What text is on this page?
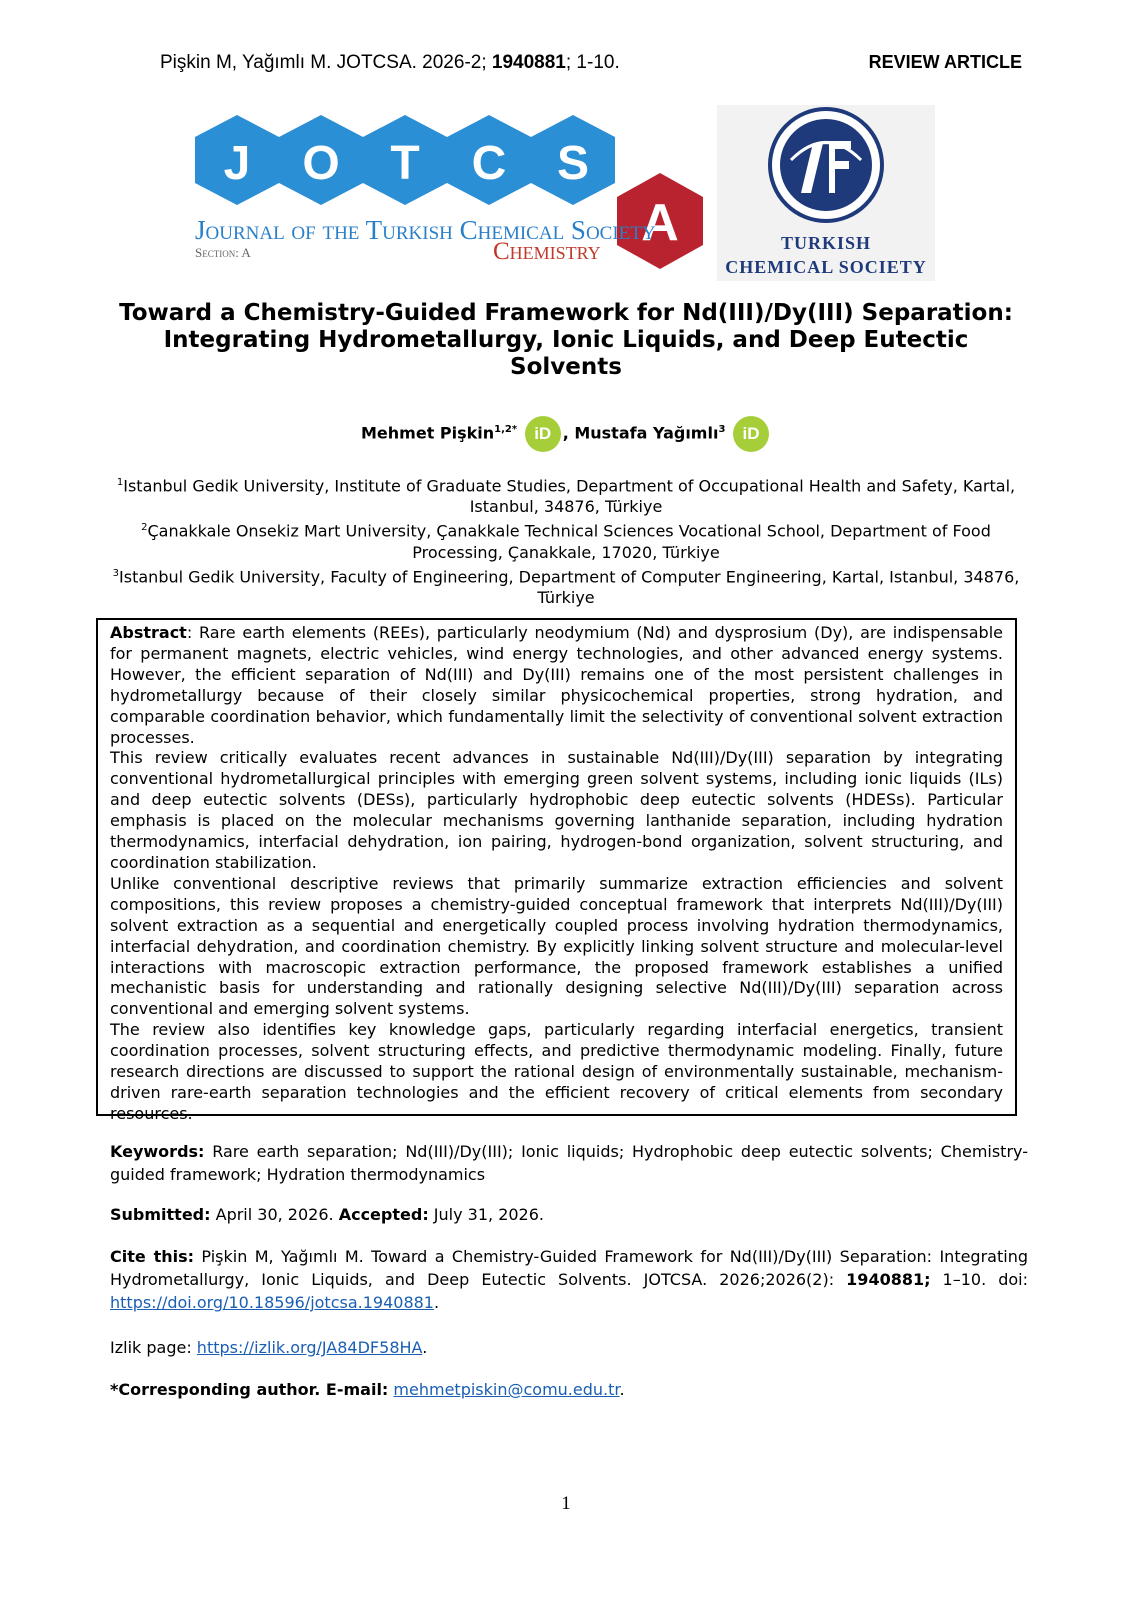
Pişkin M, Yağımlı M. JOTCSA. 2026-2; 1940881; 1-10.	REVIEW ARTICLE
J O T C S
A
Journal of the Turkish Chemical Society
Section: A	Chemistry	TURKISH
CHEMICAL SOCIETY
Toward a Chemistry-Guided Framework for Nd(III)/Dy(III) Separation: Integrating Hydrometallurgy, Ionic Liquids, and Deep Eutectic Solvents
Mehmet Pişkin$^{1,2*}$ iD , Mustafa Yağımlı$^3$ iD
$^1$Istanbul Gedik University, Institute of Graduate Studies, Department of Occupational Health and Safety, Kartal, Istanbul, 34876, Türkiye
$^2$Çanakkale Onsekiz Mart University, Çanakkale Technical Sciences Vocational School, Department of Food Processing, Çanakkale, 17020, Türkiye
$^3$Istanbul Gedik University, Faculty of Engineering, Department of Computer Engineering, Kartal, Istanbul, 34876, Türkiye

Abstract: Rare earth elements (REEs), particularly neodymium (Nd) and dysprosium (Dy), are indispensable for permanent magnets, electric vehicles, wind energy technologies, and other advanced energy systems. However, the efficient separation of Nd(III) and Dy(III) remains one of the most persistent challenges in hydrometallurgy because of their closely similar physicochemical properties, strong hydration, and comparable coordination behavior, which fundamentally limit the selectivity of conventional solvent extraction processes.

This review critically evaluates recent advances in sustainable Nd(III)/Dy(III) separation by integrating conventional hydrometallurgical principles with emerging green solvent systems, including ionic liquids (ILs) and deep eutectic solvents (DESs), particularly hydrophobic deep eutectic solvents (HDESs). Particular emphasis is placed on the molecular mechanisms governing lanthanide separation, including hydration thermodynamics, interfacial dehydration, ion pairing, hydrogen-bond organization, solvent structuring, and coordination stabilization.

Unlike conventional descriptive reviews that primarily summarize extraction efficiencies and solvent compositions, this review proposes a chemistry-guided conceptual framework that interprets Nd(III)/Dy(III) solvent extraction as a sequential and energetically coupled process involving hydration thermodynamics, interfacial dehydration, and coordination chemistry. By explicitly linking solvent structure and molecular-level interactions with macroscopic extraction performance, the proposed framework establishes a unified mechanistic basis for understanding and rationally designing selective Nd(III)/Dy(III) separation across conventional and emerging solvent systems.

The review also identifies key knowledge gaps, particularly regarding interfacial energetics, transient coordination processes, solvent structuring effects, and predictive thermodynamic modeling. Finally, future research directions are discussed to support the rational design of environmentally sustainable, mechanism-driven rare-earth separation technologies and the efficient recovery of critical elements from secondary resources.

Keywords: Rare earth separation; Nd(III)/Dy(III); Ionic liquids; Hydrophobic deep eutectic solvents; Chemistry-guided framework; Hydration thermodynamics
Submitted: April 30, 2026. Accepted: July 31, 2026.
Cite this: Pişkin M, Yağımlı M. Toward a Chemistry-Guided Framework for Nd(III)/Dy(III) Separation: Integrating Hydrometallurgy, Ionic Liquids, and Deep Eutectic Solvents. JOTCSA. 2026;2026(2): 1940881; 1–10. doi: https://doi.org/10.18596/jotcsa.1940881.
Izlik page: https://izlik.org/JA84DF58HA.
*Corresponding author. E-mail: mehmetpiskin@comu.edu.tr.
1
